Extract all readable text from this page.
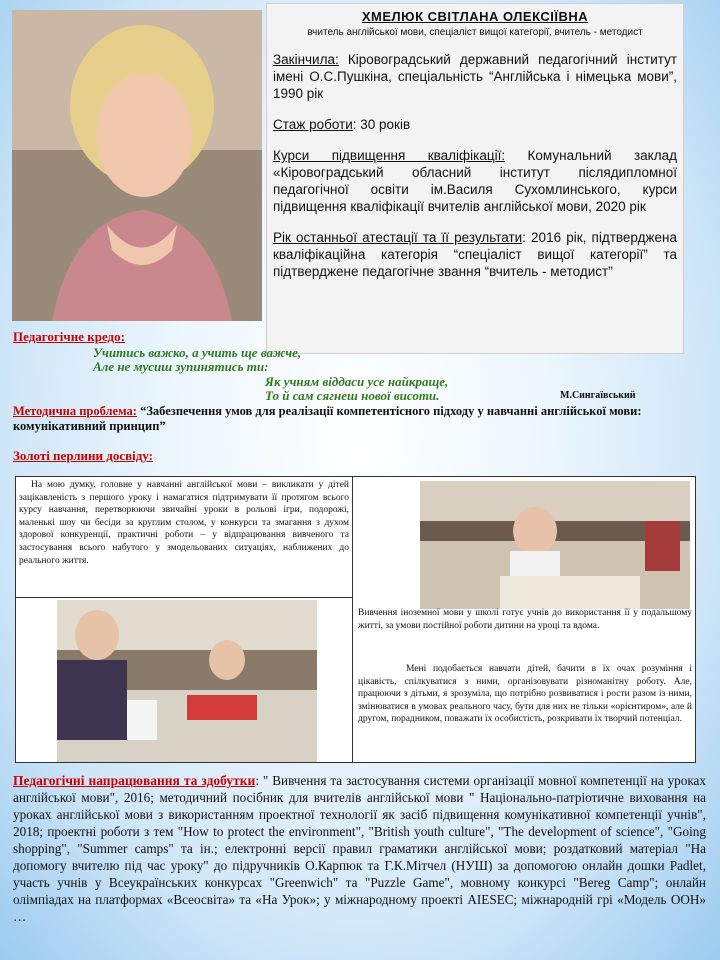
ХМЕЛЮК СВІТЛАНА ОЛЕКСІЇВНА
вчитель англійської мови, спеціаліст вищої категорії, вчитель - методист
Закінчила: Кіровоградський державний педагогічний інститут імені О.С.Пушкіна, спеціальність “Англійська і німецька мови”, 1990 рік
Стаж роботи: 30 років
Курси підвищення кваліфікації: Комунальний заклад «Кіровоградський обласний інститут післядипломної педагогічної освіти ім.Василя Сухомлинського, курси підвищення кваліфікації вчителів англійської мови, 2020 рік
Рік останньої атестації та її результати: 2016 рік, підтверджена кваліфікаційна категорія “спеціаліст вищої категорії” та підтверджене педагогічне звання “вчитель - методист”
Педагогічне кредо:
Учитись важко, а учить ще важче,
Але не мусиш зупинятись ти:
Як учням віддаси усе найкраще,
То й сам сягнеш нової висоти.	М.Сингаївський
Методична проблема: “Забезпечення умов для реалізації компетентісного підходу у навчанні англійської мови: комунікативний принцип”
Золоті перлини досвіду:
На мою думку, головне у навчанні англійської мови – викликати у дітей зацікавленість з першого уроку і намагатися підтримувати її протягом всього курсу навчання, перетворюючи звичайні уроки в рольові ігри, подорожі, маленькі шоу чи бесіди за круглим столом, у конкурси та змагання з духом здорової конкуренції, практичні роботи – у відпрацювання вивченого та застосування всього набутого у змодельованих ситуаціях, наближених до реального життя.
Вивчення іноземної мови у школі готує учнів до використання її у подальшому житті, за умови постійної роботи дитини на уроці та вдома.
Мені подобається навчати дітей, бачити в їх очах розуміння і цікавість, спілкуватися з ними, організовувати різноманітну роботу. Але, працюючи з дітьми, я зрозуміла, що потрібно розвиватися і рости разом із ними, змінюватися в умовах реального часу, бути для них не тільки «орієнтиром», але й другом, порадником, поважати їх особистість, розкривати їх творчий потенціал.
Педагогічні напрацювання та здобутки: " Вивчення та застосування системи організації мовної компетенції на уроках англійської мови", 2016; методичний посібник для вчителів англійської мови " Національно-патріотичне виховання на уроках англійської мови з використанням проектної технології як засіб підвищення комунікативної компетенції учнів", 2018; проектні роботи з тем "How to protect the environment", "British youth culture", "The development of science", "Going shopping", "Summer camps" та ін.; електронні версії правил граматики англійської мови; роздатковий матеріал "На допомогу вчителю під час уроку" до підручників О.Карпюк та Г.К.Мітчел (НУШ) за допомогою онлайн дошки Padlet, участь учнів у Всеукраїнських конкурсах "Greenwich" та "Puzzle Game", мовному конкурсі "Bereg Camp"; онлайн олімпіадах на платформах «Всеосвіта» та «На Урок»; у міжнародному проекті AIESEC; міжнародній грі «Модель ООН» …
